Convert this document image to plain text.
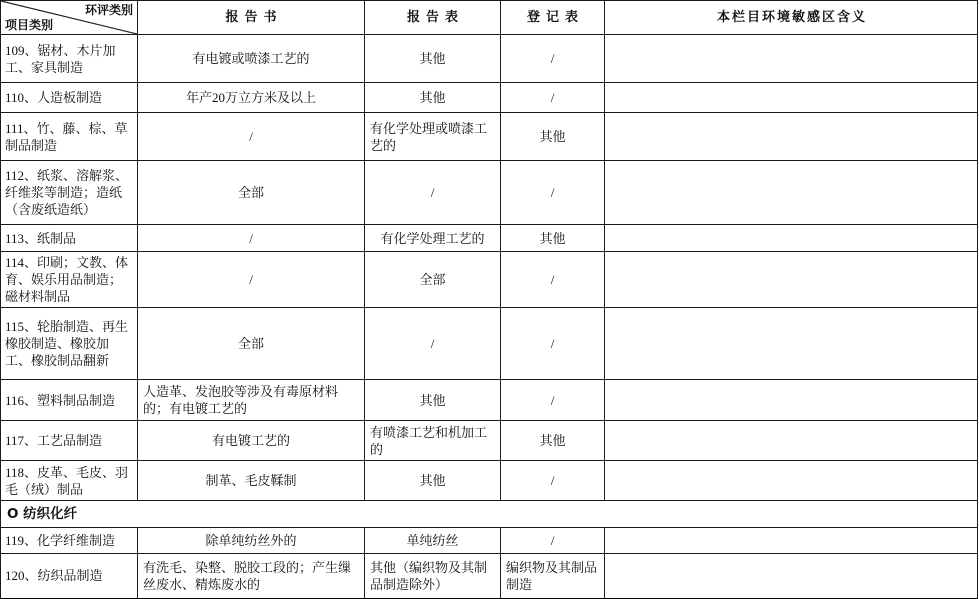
环评类别
项目类别	报告书	报告表	登记表	本栏目环境敏感区含义
109、锯材、木片加工、家具制造	有电镀或喷漆工艺的	其他	/	
110、人造板制造	年产20万立方米及以上	其他	/	
111、竹、藤、棕、草制品制造	/	有化学处理或喷漆工艺的	其他	
112、纸浆、溶解浆、纤维浆等制造；造纸（含废纸造纸）	全部	/	/	
113、纸制品	/	有化学处理工艺的	其他	
114、印刷；文教、体育、娱乐用品制造；磁材料制品	/	全部	/	
115、轮胎制造、再生橡胶制造、橡胶加工、橡胶制品翻新	全部	/	/	
116、塑料制品制造	人造革、发泡胶等涉及有毒原材料的；有电镀工艺的	其他	/	
117、工艺品制造	有电镀工艺的	有喷漆工艺和机加工的	其他	
118、皮革、毛皮、羽毛（绒）制品	制革、毛皮鞣制	其他	/	
O 纺织化纤				
119、化学纤维制造	除单纯纺丝外的	单纯纺丝	/	
120、纺织品制造	有洗毛、染整、脱胶工段的；产生缫丝废水、精炼废水的	其他（编织物及其制品制造除外）	编织物及其制品制造	
